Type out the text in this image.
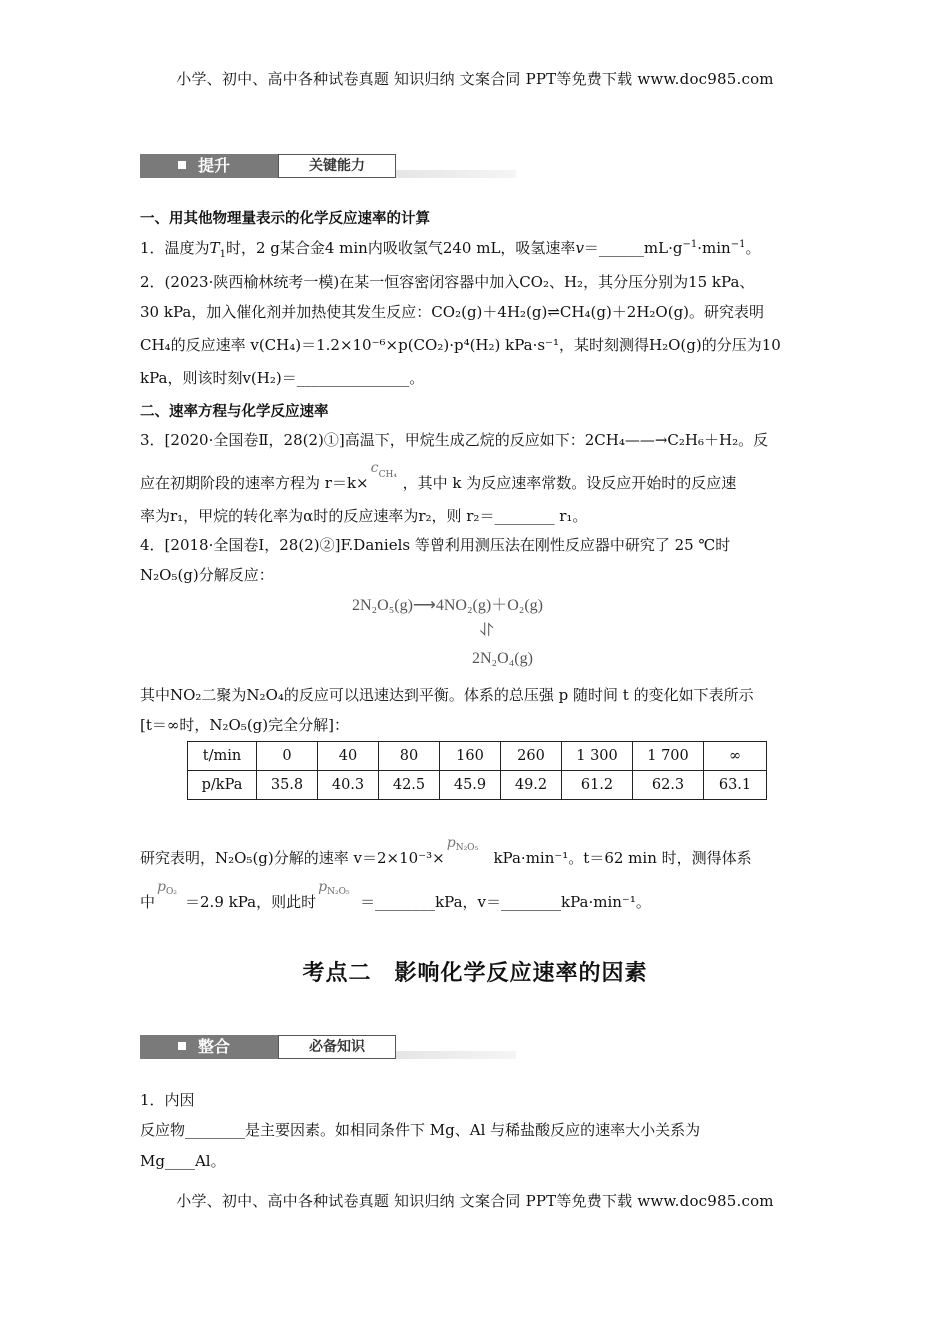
小学、初中、高中各种试卷真题 知识归纳 文案合同 PPT等免费下载 www.doc985.com
提升	关键能力
一、用其他物理量表示的化学反应速率的计算
1．温度为$T_1$时，2 g某合金4 min内吸收氢气240 mL，吸氢速率$v=\_\_\_\_\_\_mL\cdot g^{-1}\cdot\min^{-1}$。
2．(2023·陕西榆林统考一模)在某一恒容密闭容器中加入CO₂、H₂，其分压分别为15 kPa、
30 kPa，加入催化剂并加热使其发生反应：CO₂(g)＋4H₂(g)⇌CH₄(g)＋2H₂O(g)。研究表明
CH₄的反应速率 v(CH₄)＝1.2×10⁻⁶×p(CO₂)·p⁴(H₂) kPa·s⁻¹，某时刻测得H₂O(g)的分压为10
kPa，则该时刻v(H₂)＝_______________。
二、速率方程与化学反应速率
3．[2020·全国卷Ⅱ，28(2)①]高温下，甲烷生成乙烷的反应如下：2CH₄——→C₂H₆＋H₂。反
应在初期阶段的速率方程为 r＝k×
c CH₄ ，其中 k 为反应速率常数。设反应开始时的反应速
率为r₁，甲烷的转化率为α时的反应速率为r₂，则 r₂＝________ r₁。
4．[2018·全国卷Ⅰ，28(2)②]F.Daniels 等曾利用测压法在刚性反应器中研究了 25 ℃时
N₂O₅(g)分解反应：
2N₂O₅(g)⟶4NO₂(g)＋O₂(g)
⥯
2N₂O₄(g)
其中NO₂二聚为N₂O₄的反应可以迅速达到平衡。体系的总压强 p 随时间 t 的变化如下表所示
[t＝∞时，N₂O₅(g)完全分解]：
t/min	0	40	80	160	260	1 300	1 700	∞
p/kPa	35.8	40.3	42.5	45.9	49.2	61.2	62.3	63.1
研究表明，N₂O₅(g)分解的速率 v＝2×10⁻³×
p N₂O₅
kPa·min⁻¹。t＝62 min 时，测得体系
中
p O₂
＝2.9 kPa，则此时
p N₂O₅
＝________kPa，v＝________kPa·min⁻¹。
考点二　影响化学反应速率的因素
整合	必备知识
1．内因
反应物________是主要因素。如相同条件下 Mg、Al 与稀盐酸反应的速率大小关系为
Mg____Al。
小学、初中、高中各种试卷真题 知识归纳 文案合同 PPT等免费下载 www.doc985.com
